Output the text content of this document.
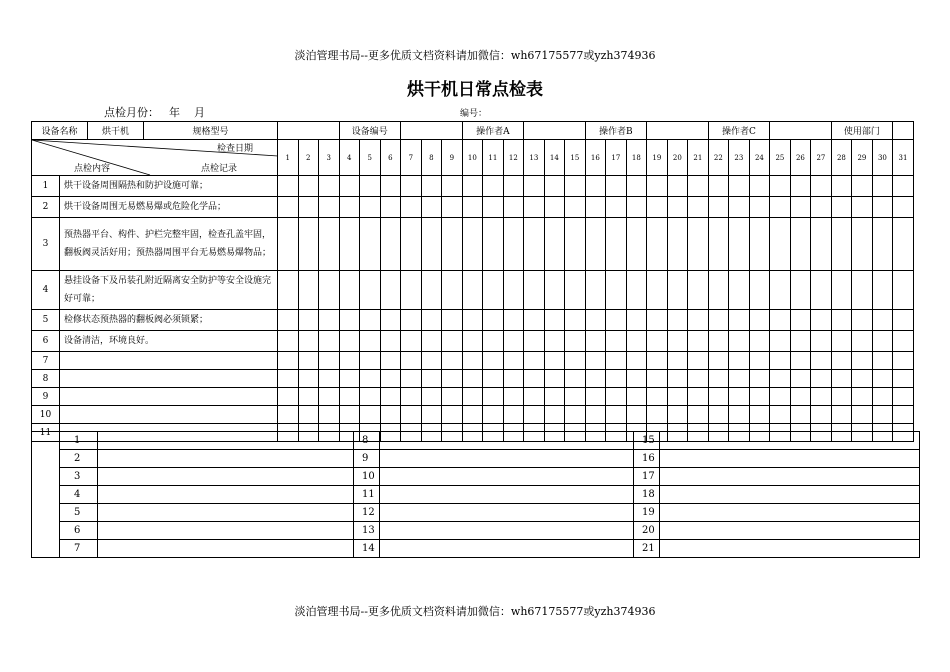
淡泊管理书局--更多优质文档资料请加微信：wh67175577或yzh374936
烘干机日常点检表
点检月份： 年 月	编号：
设备名称		烘干机	规格型号				设备编号						操作者A						操作者B						操作者C						使用部门			

检查日期
点检内容 点检记录				1	2	3	4	5	6	7	8	9	10	11	12	13	14	15	16	17	18	19	20	21	22	23	24	25	26	27	28	29	30	31
1	烘干设备周围隔热和防护设施可靠；																																	
2	烘干设备周围无易燃易爆或危险化学品；																																	
3	预热器平台、构件、护栏完整牢固，检查孔盖牢固，翻板阀灵活好用；预热器周围平台无易燃易爆物品；																																	
4	悬挂设备下及吊装孔附近隔离安全防护等安全设施完好可靠；																																	
5	检修状态预热器的翻板阀必须锁紧；																																	
6	设备清洁，环境良好。																																	
7																																		
8																																		
9																																		
10																																		
11																																		
	1		8		15	
	2		9		16	
	3		10		17	
	4		11		18	
	5		12		19	
	6		13		20	
	7		14		21	
淡泊管理书局--更多优质文档资料请加微信：wh67175577或yzh374936
